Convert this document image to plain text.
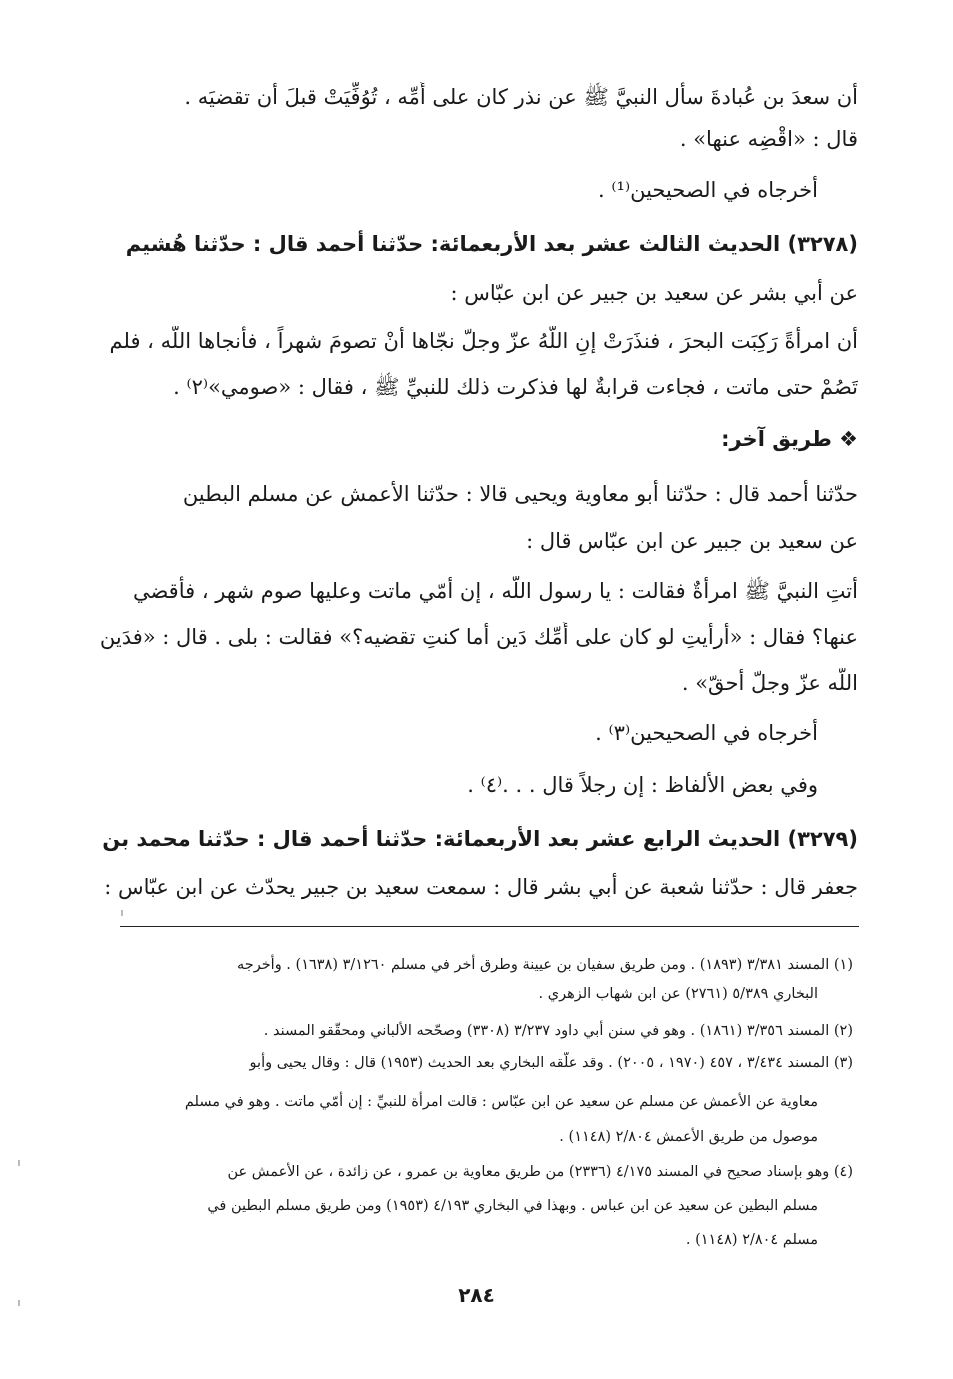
أن سعدَ بن عُبادةَ سأل النبيَّ ﷺ عن نذر كان على أُمِّه ، تُوُفِّيَتْ قبلَ أن تقضيَه .
قال : «اقْضِه عنها» .
أخرجاه في الصحيحين⁽¹⁾ .
(٣٢٧٨) الحديث الثالث عشر بعد الأربعمائة: حدّثنا أحمد قال : حدّثنا هُشيم
عن أبي بشر عن سعيد بن جبير عن ابن عبّاس :
أن امرأةً رَكِبَت البحرَ ، فنذَرَتْ إنِ اللّهُ عزّ وجلّ نجّاها أنْ تصومَ شهراً ، فأنجاها اللّه ، فلم
تَصُمْ حتى ماتت ، فجاءت قرابةٌ لها فذكرت ذلك للنبيِّ ﷺ ، فقال : «صومي»⁽٢⁾ .
❖ طريق آخر:
حدّثنا أحمد قال : حدّثنا أبو معاوية ويحيى قالا : حدّثنا الأعمش عن مسلم البطين
عن سعيد بن جبير عن ابن عبّاس قال :
أتتِ النبيَّ ﷺ امرأةٌ فقالت : يا رسول اللّه ، إن أمّي ماتت وعليها صوم شهر ، فأقضي
عنها؟ فقال : «أرأيتِ لو كان على أُمِّك دَين أما كنتِ تقضيه؟» فقالت : بلى . قال : «فدَين
اللّه عزّ وجلّ أحقّ» .
أخرجاه في الصحيحين⁽٣⁾ .
وفي بعض الألفاظ : إن رجلاً قال . . .⁽٤⁾ .
(٣٢٧٩) الحديث الرابع عشر بعد الأربعمائة: حدّثنا أحمد قال : حدّثنا محمد بن
جعفر قال : حدّثنا شعبة عن أبي بشر قال : سمعت سعيد بن جبير يحدّث عن ابن عبّاس :
(١) المسند ٣/٣٨١ (١٨٩٣) . ومن طريق سفيان بن عيينة وطرق أخر في مسلم ٣/١٢٦٠ (١٦٣٨) . وأخرجه
البخاري ٥/٣٨٩ (٢٧٦١) عن ابن شهاب الزهري .
(٢) المسند ٣/٣٥٦ (١٨٦١) . وهو في سنن أبي داود ٣/٢٣٧ (٣٣٠٨) وصحّحه الألباني ومحقّقو المسند .
(٣) المسند ٣/٤٣٤ ، ٤٥٧ (١٩٧٠ ، ٢٠٠٥) . وقد علّقه البخاري بعد الحديث (١٩٥٣) قال : وقال يحيى وأبو
معاوية عن الأعمش عن مسلم عن سعيد عن ابن عبّاس : قالت امرأة للنبيِّ : إن أمّي ماتت . وهو في مسلم
موصول من طريق الأعمش ٢/٨٠٤ (١١٤٨) .
(٤) وهو بإسناد صحيح في المسند ٤/١٧٥ (٢٣٣٦) من طريق معاوية بن عمرو ، عن زائدة ، عن الأعمش عن
مسلم البطين عن سعيد عن ابن عباس . وبهذا في البخاري ٤/١٩٣ (١٩٥٣) ومن طريق مسلم البطين في
مسلم ٢/٨٠٤ (١١٤٨) .
٢٨٤
